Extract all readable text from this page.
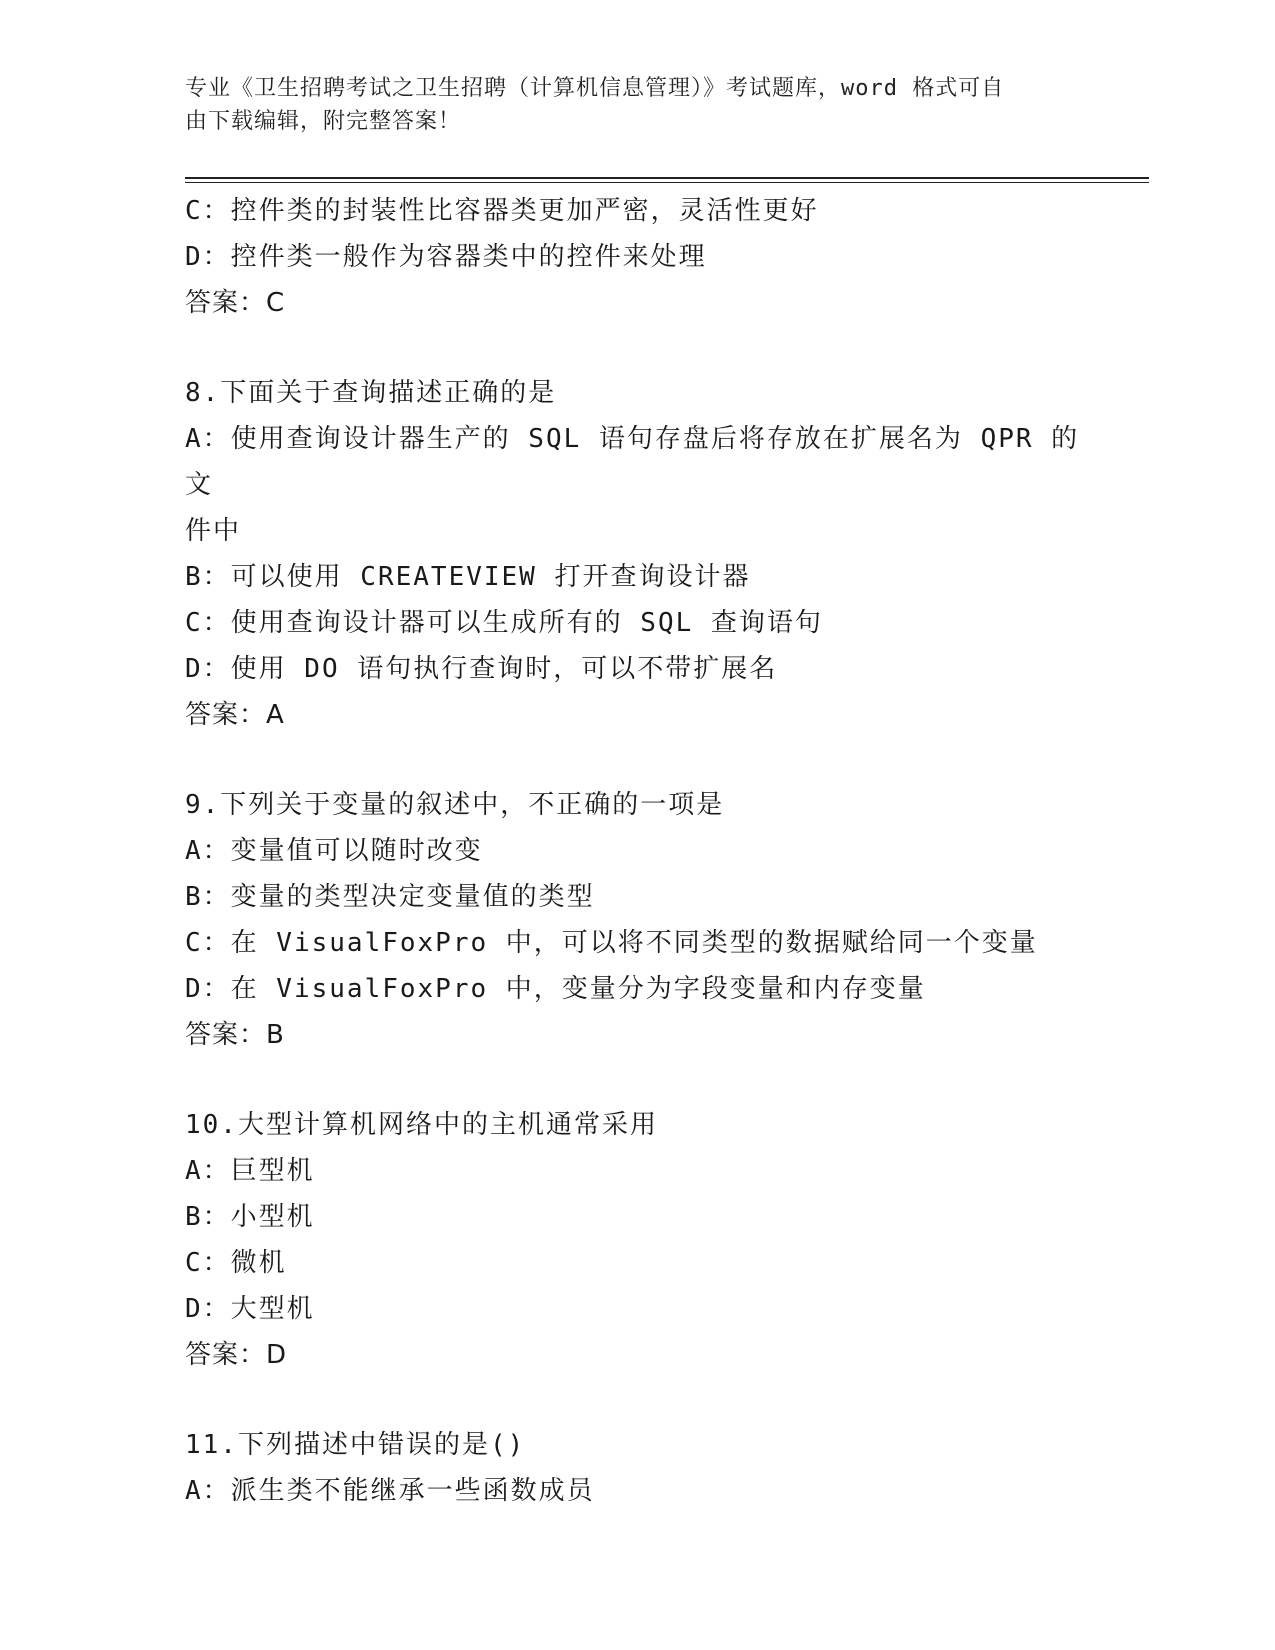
专业《卫生招聘考试之卫生招聘（计算机信息管理）》考试题库，word 格式可自
由下载编辑，附完整答案！
C：控件类的封装性比容器类更加严密，灵活性更好
D：控件类一般作为容器类中的控件来处理
答案：C
8.下面关于查询描述正确的是
A：使用查询设计器生产的 SQL 语句存盘后将存放在扩展名为 QPR 的文
件中
B：可以使用 CREATEVIEW 打开查询设计器
C：使用查询设计器可以生成所有的 SQL 查询语句
D：使用 DO 语句执行查询时，可以不带扩展名
答案：A
9.下列关于变量的叙述中，不正确的一项是
A：变量值可以随时改变
B：变量的类型决定变量值的类型
C：在 VisualFoxPro 中，可以将不同类型的数据赋给同一个变量
D：在 VisualFoxPro 中，变量分为字段变量和内存变量
答案：B
10.大型计算机网络中的主机通常采用
A：巨型机
B：小型机
C：微机
D：大型机
答案：D
11.下列描述中错误的是()
A：派生类不能继承一些函数成员
